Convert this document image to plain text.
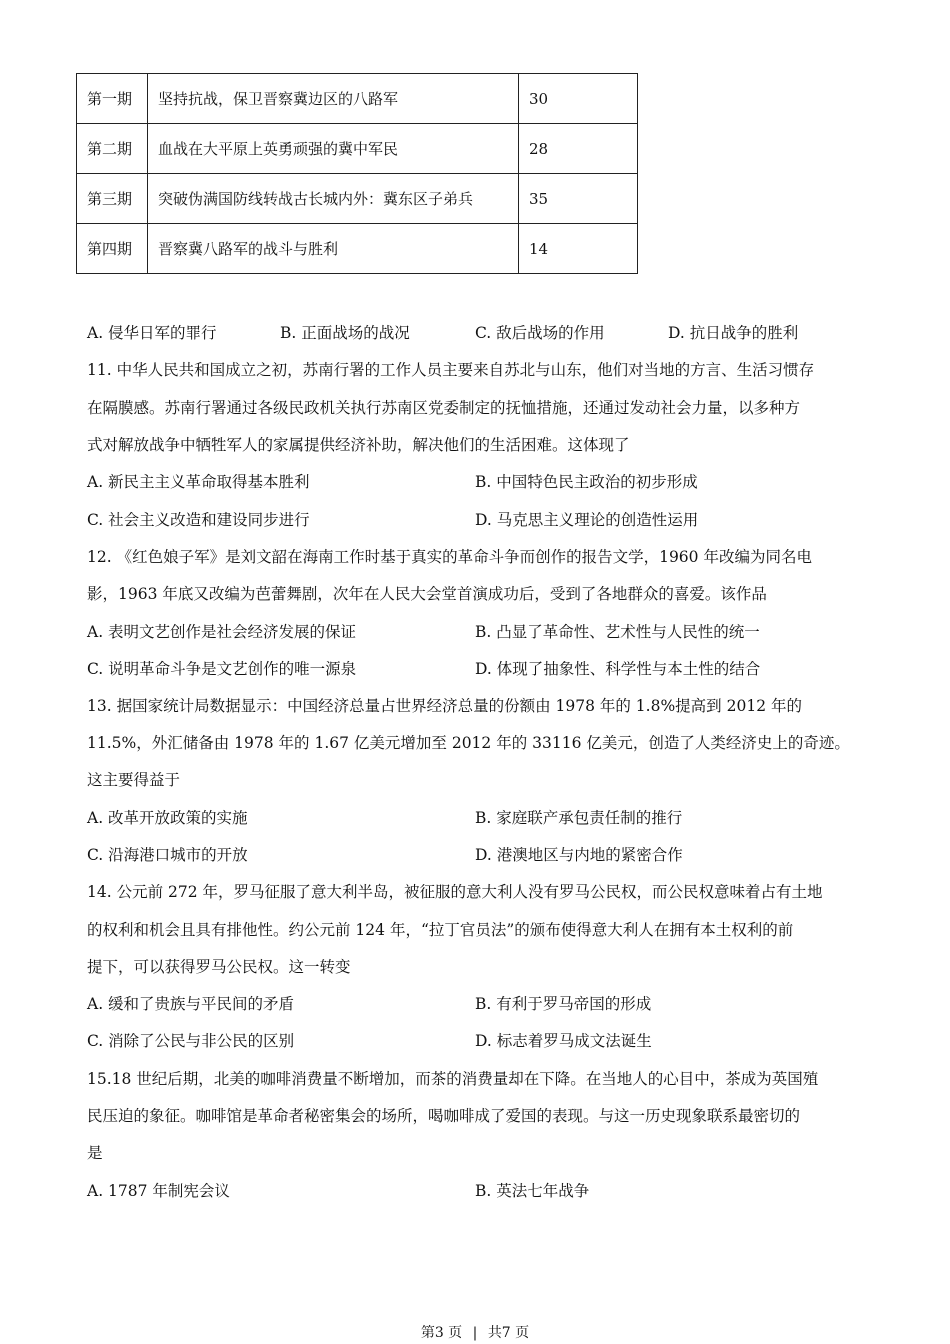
第一期	坚持抗战，保卫晋察冀边区的八路军	30
第二期	血战在大平原上英勇顽强的冀中军民	28
第三期	突破伪满国防线转战古长城内外：冀东区子弟兵	35
第四期	晋察冀八路军的战斗与胜利	14
A. 侵华日军的罪行	B. 正面战场的战况	C. 敌后战场的作用	D. 抗日战争的胜利
11. 中华人民共和国成立之初，苏南行署的工作人员主要来自苏北与山东，他们对当地的方言、生活习惯存
在隔膜感。苏南行署通过各级民政机关执行苏南区党委制定的抚恤措施，还通过发动社会力量，以多种方
式对解放战争中牺牲军人的家属提供经济补助，解决他们的生活困难。这体现了
A. 新民主主义革命取得基本胜利	B. 中国特色民主政治的初步形成
C. 社会主义改造和建设同步进行	D. 马克思主义理论的创造性运用
12. 《红色娘子军》是刘文韶在海南工作时基于真实的革命斗争而创作的报告文学，1960 年改编为同名电
影，1963 年底又改编为芭蕾舞剧，次年在人民大会堂首演成功后，受到了各地群众的喜爱。该作品
A. 表明文艺创作是社会经济发展的保证	B. 凸显了革命性、艺术性与人民性的统一
C. 说明革命斗争是文艺创作的唯一源泉	D. 体现了抽象性、科学性与本土性的结合
13. 据国家统计局数据显示：中国经济总量占世界经济总量的份额由 1978 年的 1.8%提高到 2012 年的
11.5%，外汇储备由 1978 年的 1.67 亿美元增加至 2012 年的 33116 亿美元，创造了人类经济史上的奇迹。
这主要得益于
A. 改革开放政策的实施	B. 家庭联产承包责任制的推行
C. 沿海港口城市的开放	D. 港澳地区与内地的紧密合作
14. 公元前 272 年，罗马征服了意大利半岛，被征服的意大利人没有罗马公民权，而公民权意味着占有土地
的权利和机会且具有排他性。约公元前 124 年，“拉丁官员法”的颁布使得意大利人在拥有本土权利的前
提下，可以获得罗马公民权。这一转变
A. 缓和了贵族与平民间的矛盾	B. 有利于罗马帝国的形成
C. 消除了公民与非公民的区别	D. 标志着罗马成文法诞生
15.18 世纪后期，北美的咖啡消费量不断增加，而茶的消费量却在下降。在当地人的心目中，茶成为英国殖
民压迫的象征。咖啡馆是革命者秘密集会的场所，喝咖啡成了爱国的表现。与这一历史现象联系最密切的
是
A. 1787 年制宪会议	B. 英法七年战争
第3 页 | 共7 页
